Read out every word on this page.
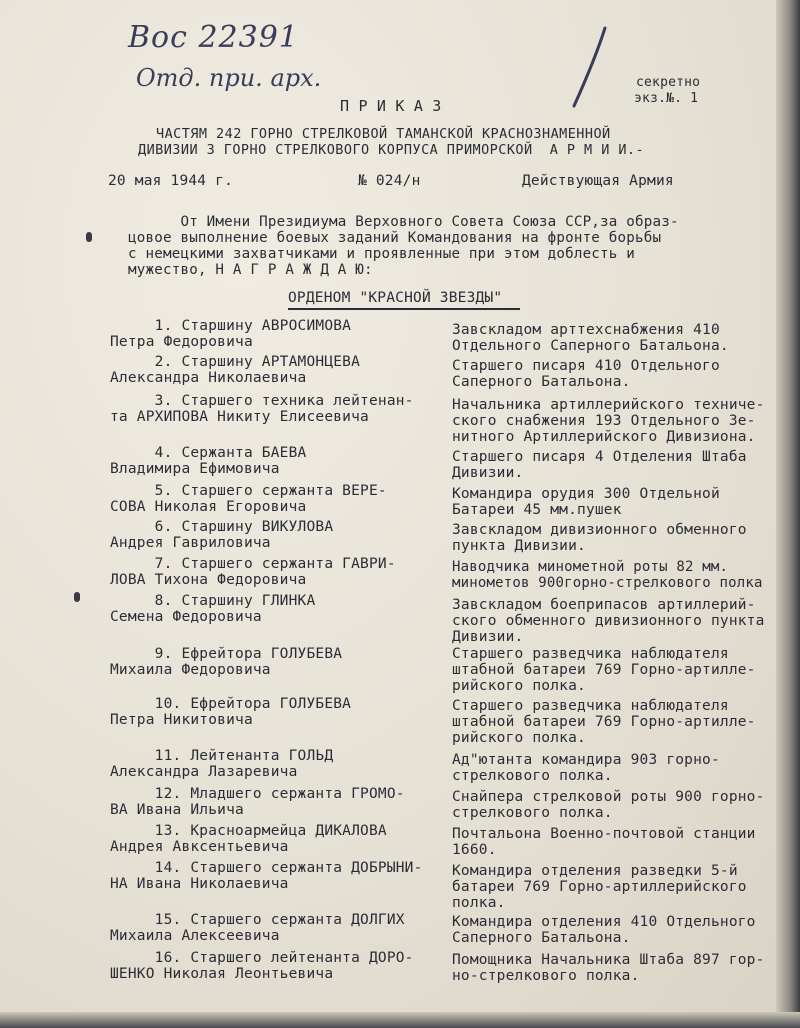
Вос 22391
Отд. при. арх.	секретно
экз.№. 1
П Р И К А З
ЧАСТЯМ 242 ГОРНО СТРЕЛКОВОЙ ТАМАНСКОЙ КРАСНОЗНАМЕННОЙ
ДИВИЗИИ 3 ГОРНО СТРЕЛКОВОГО КОРПУСА ПРИМОРСКОЙ  А Р М И И.-
20 мая 1944 г.	№ 024/н	Действующая Армия
От Имени Президиума Верховного Совета Союза ССР,за образ-
цовое выполнение боевых заданий Командования на фронте борьбы
с немецкими захватчиками и проявленные при этом доблесть и
мужество, Н А Г Р А Ж Д А Ю:
ОРДЕНОМ "КРАСНОЙ ЗВЕЗДЫ"
1. Старшину АВРОСИМОВА
Петра Федоровича
Завскладом арттехснабжения 410
Отдельного Саперного Батальона.
2. Старшину АРТАМОНЦЕВА
Александра Николаевича
Старшего писаря 410 Отдельного
Саперного Батальона.
3. Старшего техника лейтенан-
та АРХИПОВА Никиту Елисеевича
Начальника артиллерийского техниче-
ского снабжения 193 Отдельного Зе-
нитного Артиллерийского Дивизиона.
4. Сержанта БАЕВА
Владимира Ефимовича
Старшего писаря 4 Отделения Штаба
Дивизии.
5. Старшего сержанта ВЕРЕ-
СОВА Николая Егоровича
Командира орудия 300 Отдельной
Батареи 45 мм.пушек
6. Старшину ВИКУЛОВА
Андрея Гавриловича
Завскладом дивизионного обменного
пункта Дивизии.
7. Старшего сержанта ГАВРИ-
ЛОВА Тихона Федоровича
Наводчика минометной роты 82 мм.
минометов 900горно-стрелкового полка
8. Старшину ГЛИНКА
Семена Федоровича
Завскладом боеприпасов артиллерий-
ского обменного дивизионного пункта
Дивизии.
9. Ефрейтора ГОЛУБЕВА
Михаила Федоровича
Старшего разведчика наблюдателя
штабной батареи 769 Горно-артилле-
рийского полка.
10. Ефрейтора ГОЛУБЕВА
Петра Никитовича
Старшего разведчика наблюдателя
штабной батареи 769 Горно-артилле-
рийского полка.
11. Лейтенанта ГОЛЬД
Александра Лазаревича
Ад"ютанта командира 903 горно-
стрелкового полка.
12. Младшего сержанта ГРОМО-
ВА Ивана Ильича
Снайпера стрелковой роты 900 горно-
стрелкового полка.
13. Красноармейца ДИКАЛОВА
Андрея Авксентьевича
Почтальона Военно-почтовой станции
1660.
14. Старшего сержанта ДОБРЫНИ-
НА Ивана Николаевича
Командира отделения разведки 5-й
батареи 769 Горно-артиллерийского
полка.
15. Старшего сержанта ДОЛГИХ
Михаила Алексеевича
Командира отделения 410 Отдельного
Саперного Батальона.
16. Старшего лейтенанта ДОРО-
ШЕНКО Николая Леонтьевича
Помощника Начальника Штаба 897 гор-
но-стрелкового полка.
